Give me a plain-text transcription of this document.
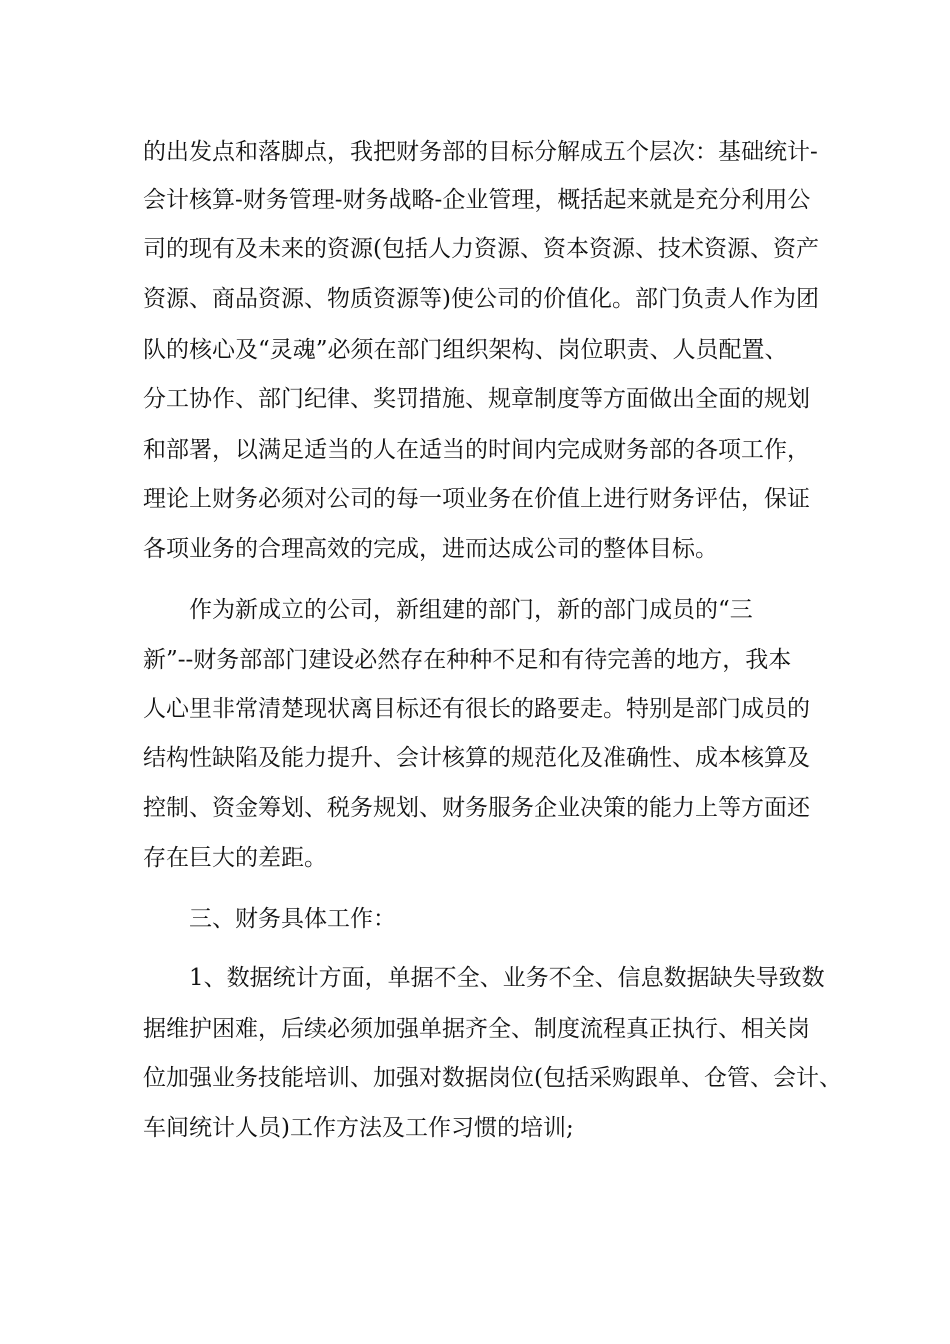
的出发点和落脚点，我把财务部的目标分解成五个层次：基础统计-
会计核算-财务管理-财务战略-企业管理，概括起来就是充分利用公
司的现有及未来的资源(包括人力资源、资本资源、技术资源、资产
资源、商品资源、物质资源等)使公司的价值化。部门负责人作为团
队的核心及“灵魂”必须在部门组织架构、岗位职责、人员配置、
分工协作、部门纪律、奖罚措施、规章制度等方面做出全面的规划
和部署，以满足适当的人在适当的时间内完成财务部的各项工作，
理论上财务必须对公司的每一项业务在价值上进行财务评估，保证
各项业务的合理高效的完成，进而达成公司的整体目标。
作为新成立的公司，新组建的部门，新的部门成员的“三
新”--财务部部门建设必然存在种种不足和有待完善的地方，我本
人心里非常清楚现状离目标还有很长的路要走。特别是部门成员的
结构性缺陷及能力提升、会计核算的规范化及准确性、成本核算及
控制、资金筹划、税务规划、财务服务企业决策的能力上等方面还
存在巨大的差距。
三、财务具体工作：
1、数据统计方面，单据不全、业务不全、信息数据缺失导致数
据维护困难，后续必须加强单据齐全、制度流程真正执行、相关岗
位加强业务技能培训、加强对数据岗位(包括采购跟单、仓管、会计、
车间统计人员)工作方法及工作习惯的培训;
